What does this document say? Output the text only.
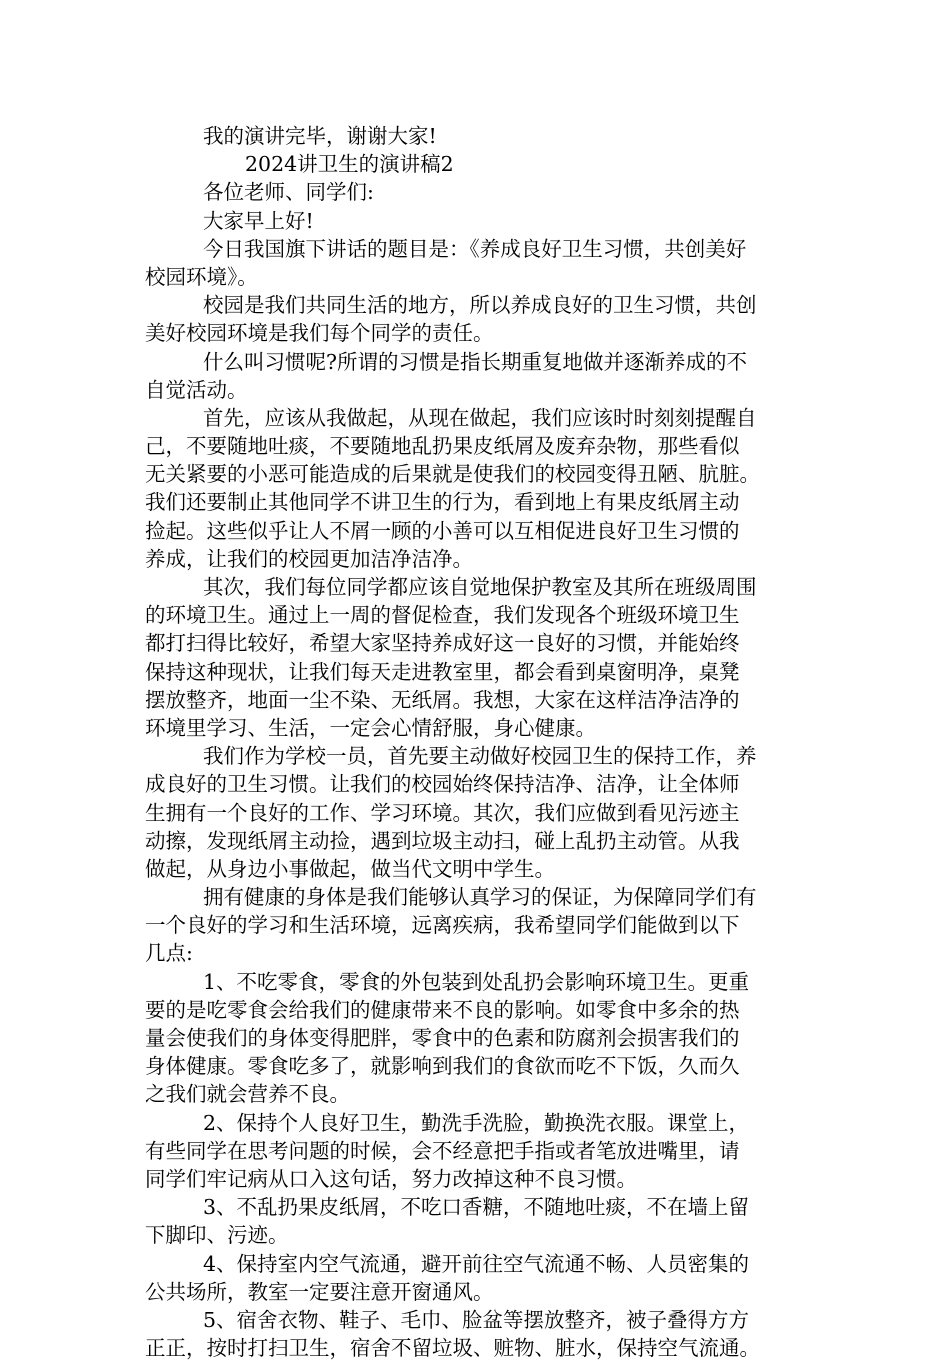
我的演讲完毕，谢谢大家!
2024讲卫生的演讲稿2
各位老师、同学们:
大家早上好!
今日我国旗下讲话的题目是：《养成良好卫生习惯，共创美好
校园环境》。
校园是我们共同生活的地方，所以养成良好的卫生习惯，共创
美好校园环境是我们每个同学的责任。
什么叫习惯呢?所谓的习惯是指长期重复地做并逐渐养成的不
自觉活动。
首先，应该从我做起，从现在做起，我们应该时时刻刻提醒自
己，不要随地吐痰，不要随地乱扔果皮纸屑及废弃杂物，那些看似
无关紧要的小恶可能造成的后果就是使我们的校园变得丑陋、肮脏。
我们还要制止其他同学不讲卫生的行为，看到地上有果皮纸屑主动
捡起。这些似乎让人不屑一顾的小善可以互相促进良好卫生习惯的
养成，让我们的校园更加洁净洁净。
其次，我们每位同学都应该自觉地保护教室及其所在班级周围
的环境卫生。通过上一周的督促检查，我们发现各个班级环境卫生
都打扫得比较好，希望大家坚持养成好这一良好的习惯，并能始终
保持这种现状，让我们每天走进教室里，都会看到桌窗明净，桌凳
摆放整齐，地面一尘不染、无纸屑。我想，大家在这样洁净洁净的
环境里学习、生活，一定会心情舒服，身心健康。
我们作为学校一员，首先要主动做好校园卫生的保持工作，养
成良好的卫生习惯。让我们的校园始终保持洁净、洁净，让全体师
生拥有一个良好的工作、学习环境。其次，我们应做到看见污迹主
动擦，发现纸屑主动捡，遇到垃圾主动扫，碰上乱扔主动管。从我
做起，从身边小事做起，做当代文明中学生。
拥有健康的身体是我们能够认真学习的保证，为保障同学们有
一个良好的学习和生活环境，远离疾病，我希望同学们能做到以下
几点:
1、不吃零食，零食的外包装到处乱扔会影响环境卫生。更重
要的是吃零食会给我们的健康带来不良的影响。如零食中多余的热
量会使我们的身体变得肥胖，零食中的色素和防腐剂会损害我们的
身体健康。零食吃多了，就影响到我们的食欲而吃不下饭，久而久
之我们就会营养不良。
2、保持个人良好卫生，勤洗手洗脸，勤换洗衣服。课堂上，
有些同学在思考问题的时候，会不经意把手指或者笔放进嘴里，请
同学们牢记病从口入这句话，努力改掉这种不良习惯。
3、不乱扔果皮纸屑，不吃口香糖，不随地吐痰，不在墙上留
下脚印、污迹。
4、保持室内空气流通，避开前往空气流通不畅、人员密集的
公共场所，教室一定要注意开窗通风。
5、宿舍衣物、鞋子、毛巾、脸盆等摆放整齐，被子叠得方方
正正，按时打扫卫生，宿舍不留垃圾、赃物、脏水，保持空气流通。
